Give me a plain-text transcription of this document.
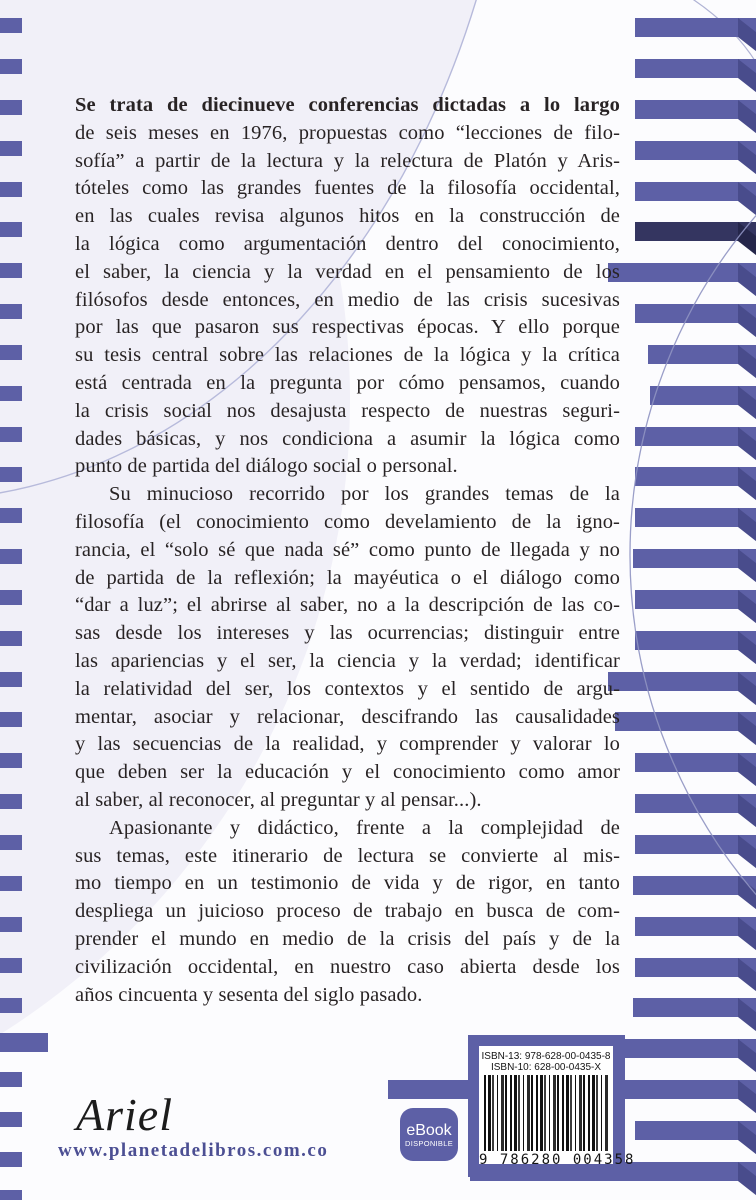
Se trata de diecinueve conferencias dictadas a lo largo
de seis meses en 1976, propuestas como “lecciones de filo-
sofía” a partir de la lectura y la relectura de Platón y Aris-
tóteles como las grandes fuentes de la filosofía occidental,
en las cuales revisa algunos hitos en la construcción de
la lógica como argumentación dentro del conocimiento,
el saber, la ciencia y la verdad en el pensamiento de los
filósofos desde entonces, en medio de las crisis sucesivas
por las que pasaron sus respectivas épocas. Y ello porque
su tesis central sobre las relaciones de la lógica y la crítica
está centrada en la pregunta por cómo pensamos, cuando
la crisis social nos desajusta respecto de nuestras seguri-
dades básicas, y nos condiciona a asumir la lógica como
punto de partida del diálogo social o personal.
Su minucioso recorrido por los grandes temas de la
filosofía (el conocimiento como develamiento de la igno-
rancia, el “solo sé que nada sé” como punto de llegada y no
de partida de la reflexión; la mayéutica o el diálogo como
“dar a luz”; el abrirse al saber, no a la descripción de las co-
sas desde los intereses y las ocurrencias; distinguir entre
las apariencias y el ser, la ciencia y la verdad; identificar
la relatividad del ser, los contextos y el sentido de argu-
mentar, asociar y relacionar, descifrando las causalidades
y las secuencias de la realidad, y comprender y valorar lo
que deben ser la educación y el conocimiento como amor
al saber, al reconocer, al preguntar y al pensar...).
Apasionante y didáctico, frente a la complejidad de
sus temas, este itinerario de lectura se convierte al mis-
mo tiempo en un testimonio de vida y de rigor, en tanto
despliega un juicioso proceso de trabajo en busca de com-
prender el mundo en medio de la crisis del país y de la
civilización occidental, en nuestro caso abierta desde los
años cincuenta y sesenta del siglo pasado.
Ariel
www.planetadelibros.com.co
eBook
DISPONIBLE
ISBN-13: 978-628-00-0435-8
ISBN-10: 628-00-0435-X
9 786280 004358
